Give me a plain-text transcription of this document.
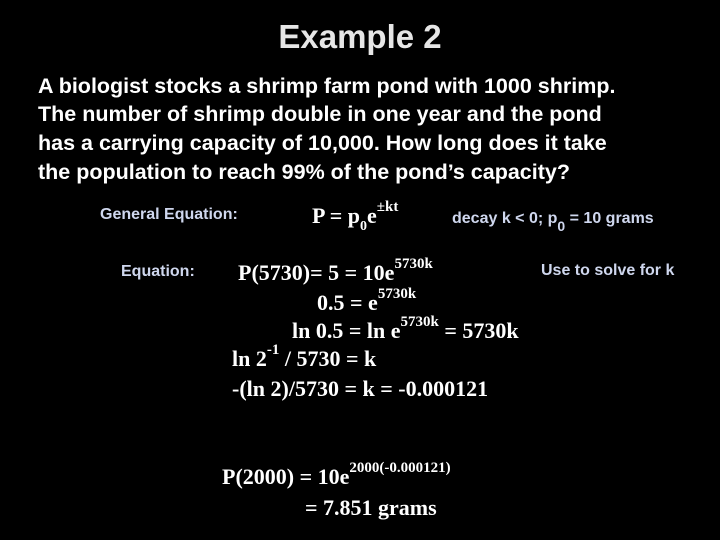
Example 2
A biologist stocks a shrimp farm pond with 1000 shrimp.
The number of shrimp double in one year and the pond
has a carrying capacity of 10,000. How long does it take
the population to reach 99% of the pond’s capacity?
General Equation:	$P = p_0e^{\pm kt}$
decay k < 0; $p_0 = 10$ grams
Equation:	Use to solve for k
$P(5730)= 5 = 10e^{5730k}$
$0.5 = e^{5730k}$
$\ln 0.5 = \ln e^{5730k} = 5730k$
$\ln 2^{-1} / 5730 = k$
-(ln 2)/5730 = k = -0.000121
$P(2000) = 10e^{2000(-0.000121)}$
= 7.851 grams
